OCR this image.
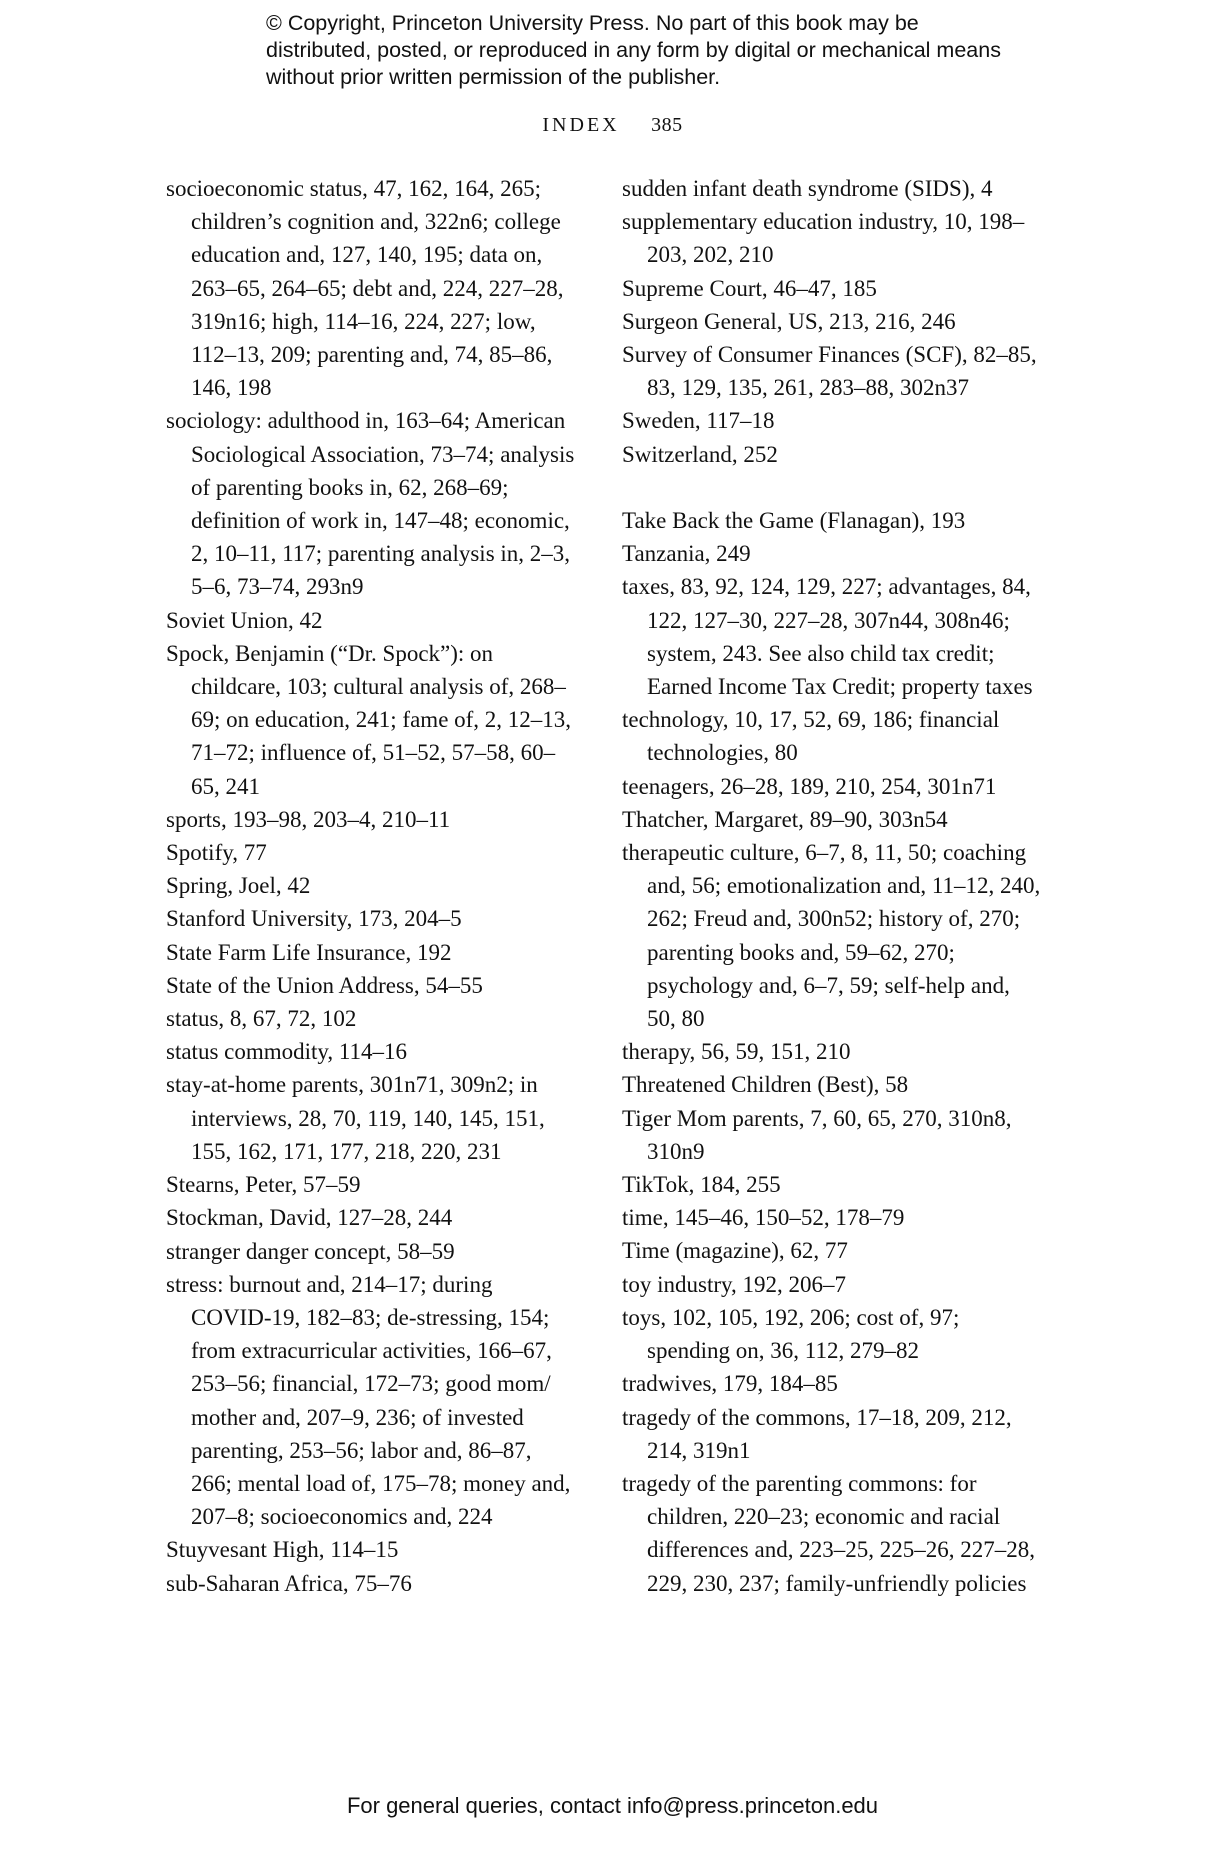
© Copyright, Princeton University Press. No part of this book may be distributed, posted, or reproduced in any form by digital or mechanical means without prior written permission of the publisher.
INDEX 385
socioeconomic status, 47, 162, 164, 265; children’s cognition and, 322n6; college education and, 127, 140, 195; data on, 263–65, 264–65; debt and, 224, 227–28, 319n16; high, 114–16, 224, 227; low, 112–13, 209; parenting and, 74, 85–86, 146, 198
sociology: adulthood in, 163–64; American Sociological Association, 73–74; analysis of parenting books in, 62, 268–69; definition of work in, 147–48; economic, 2, 10–11, 117; parenting analysis in, 2–3, 5–6, 73–74, 293n9
Soviet Union, 42
Spock, Benjamin (“Dr. Spock”): on childcare, 103; cultural analysis of, 268–69; on education, 241; fame of, 2, 12–13, 71–72; influence of, 51–52, 57–58, 60–65, 241
sports, 193–98, 203–4, 210–11
Spotify, 77
Spring, Joel, 42
Stanford University, 173, 204–5
State Farm Life Insurance, 192
State of the Union Address, 54–55
status, 8, 67, 72, 102
status commodity, 114–16
stay-at-home parents, 301n71, 309n2; in interviews, 28, 70, 119, 140, 145, 151, 155, 162, 171, 177, 218, 220, 231
Stearns, Peter, 57–59
Stockman, David, 127–28, 244
stranger danger concept, 58–59
stress: burnout and, 214–17; during COVID-19, 182–83; de-stressing, 154; from extracurricular activities, 166–67, 253–56; financial, 172–73; good mom/ mother and, 207–9, 236; of invested parenting, 253–56; labor and, 86–87, 266; mental load of, 175–78; money and, 207–8; socioeconomics and, 224
Stuyvesant High, 114–15
sub-Saharan Africa, 75–76
sudden infant death syndrome (SIDS), 4
supplementary education industry, 10, 198–203, 202, 210
Supreme Court, 46–47, 185
Surgeon General, US, 213, 216, 246
Survey of Consumer Finances (SCF), 82–85, 83, 129, 135, 261, 283–88, 302n37
Sweden, 117–18
Switzerland, 252
Take Back the Game (Flanagan), 193
Tanzania, 249
taxes, 83, 92, 124, 129, 227; advantages, 84, 122, 127–30, 227–28, 307n44, 308n46; system, 243. See also child tax credit; Earned Income Tax Credit; property taxes
technology, 10, 17, 52, 69, 186; financial technologies, 80
teenagers, 26–28, 189, 210, 254, 301n71
Thatcher, Margaret, 89–90, 303n54
therapeutic culture, 6–7, 8, 11, 50; coaching and, 56; emotionalization and, 11–12, 240, 262; Freud and, 300n52; history of, 270; parenting books and, 59–62, 270; psychology and, 6–7, 59; self-help and, 50, 80
therapy, 56, 59, 151, 210
Threatened Children (Best), 58
Tiger Mom parents, 7, 60, 65, 270, 310n8, 310n9
TikTok, 184, 255
time, 145–46, 150–52, 178–79
Time (magazine), 62, 77
toy industry, 192, 206–7
toys, 102, 105, 192, 206; cost of, 97; spending on, 36, 112, 279–82
tradwives, 179, 184–85
tragedy of the commons, 17–18, 209, 212, 214, 319n1
tragedy of the parenting commons: for children, 220–23; economic and racial differences and, 223–25, 225–26, 227–28, 229, 230, 237; family-unfriendly policies
For general queries, contact info@press.princeton.edu
